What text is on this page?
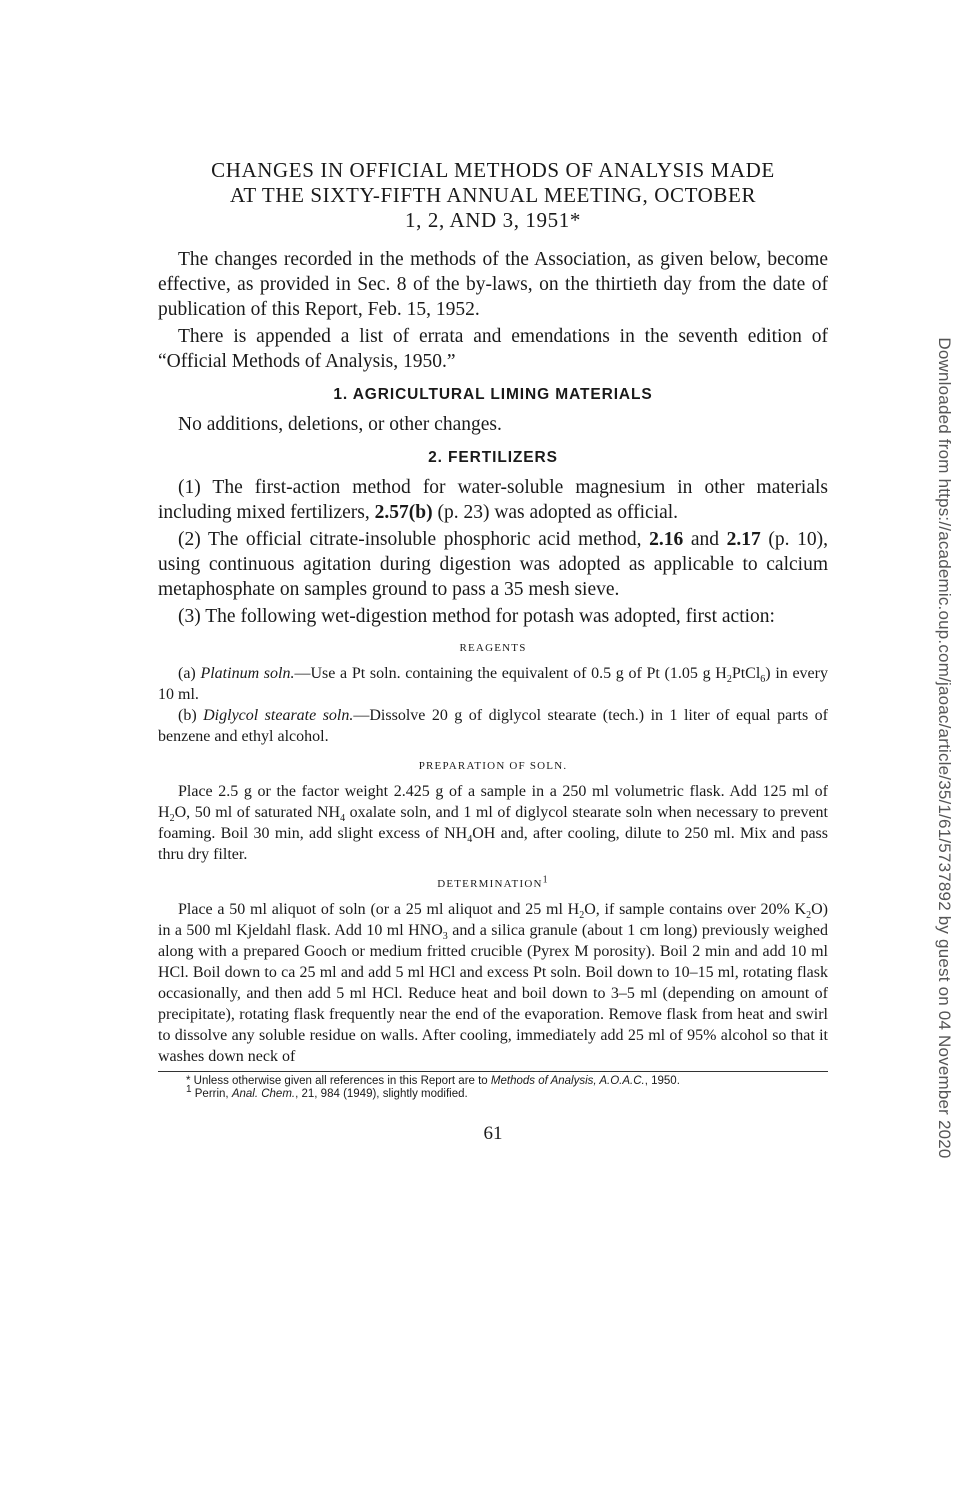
CHANGES IN OFFICIAL METHODS OF ANALYSIS MADE
AT THE SIXTY-FIFTH ANNUAL MEETING, OCTOBER
1, 2, AND 3, 1951*

The changes recorded in the methods of the Association, as given below, become effective, as provided in Sec. 8 of the by-laws, on the thirtieth day from the date of publication of this Report, Feb. 15, 1952.

There is appended a list of errata and emendations in the seventh edition of “Official Methods of Analysis, 1950.”

1. AGRICULTURAL LIMING MATERIALS

No additions, deletions, or other changes.

2. FERTILIZERS

(1) The first-action method for water-soluble magnesium in other materials including mixed fertilizers, 2.57(b) (p. 23) was adopted as official.

(2) The official citrate-insoluble phosphoric acid method, 2.16 and 2.17 (p. 10), using continuous agitation during digestion was adopted as applicable to calcium metaphosphate on samples ground to pass a 35 mesh sieve.

(3) The following wet-digestion method for potash was adopted, first action:

REAGENTS

(a) Platinum soln.—Use a Pt soln. containing the equivalent of 0.5 g of Pt (1.05 g $H_2PtCl_6$) in every 10 ml.

(b) Diglycol stearate soln.—Dissolve 20 g of diglycol stearate (tech.) in 1 liter of equal parts of benzene and ethyl alcohol.

PREPARATION OF SOLN.

Place 2.5 g or the factor weight 2.425 g of a sample in a 250 ml volumetric flask. Add 125 ml of $H_2O$, 50 ml of saturated $NH_4$ oxalate soln, and 1 ml of diglycol stearate soln when necessary to prevent foaming. Boil 30 min, add slight excess of $NH_4OH$ and, after cooling, dilute to 250 ml. Mix and pass thru dry filter.

DETERMINATION$^1$

Place a 50 ml aliquot of soln (or a 25 ml aliquot and 25 ml $H_2O$, if sample contains over 20% $K_2O$) in a 500 ml Kjeldahl flask. Add 10 ml $HNO_3$ and a silica granule (about 1 cm long) previously weighed along with a prepared Gooch or medium fritted crucible (Pyrex M porosity). Boil 2 min and add 10 ml HCl. Boil down to ca 25 ml and add 5 ml HCl and excess Pt soln. Boil down to 10–15 ml, rotating flask occasionally, and then add 5 ml HCl. Reduce heat and boil down to 3–5 ml (depending on amount of precipitate), rotating flask frequently near the end of the evaporation. Remove flask from heat and swirl to dissolve any soluble residue on walls. After cooling, immediately add 25 ml of 95% alcohol so that it washes down neck of

* Unless otherwise given all references in this Report are to Methods of Analysis, A.O.A.C., 1950.

$^1$ Perrin, Anal. Chem., 21, 984 (1949), slightly modified.

61	Downloaded from https://academic.oup.com/jaoac/article/35/1/61/5737892 by guest on 04 November 2020
